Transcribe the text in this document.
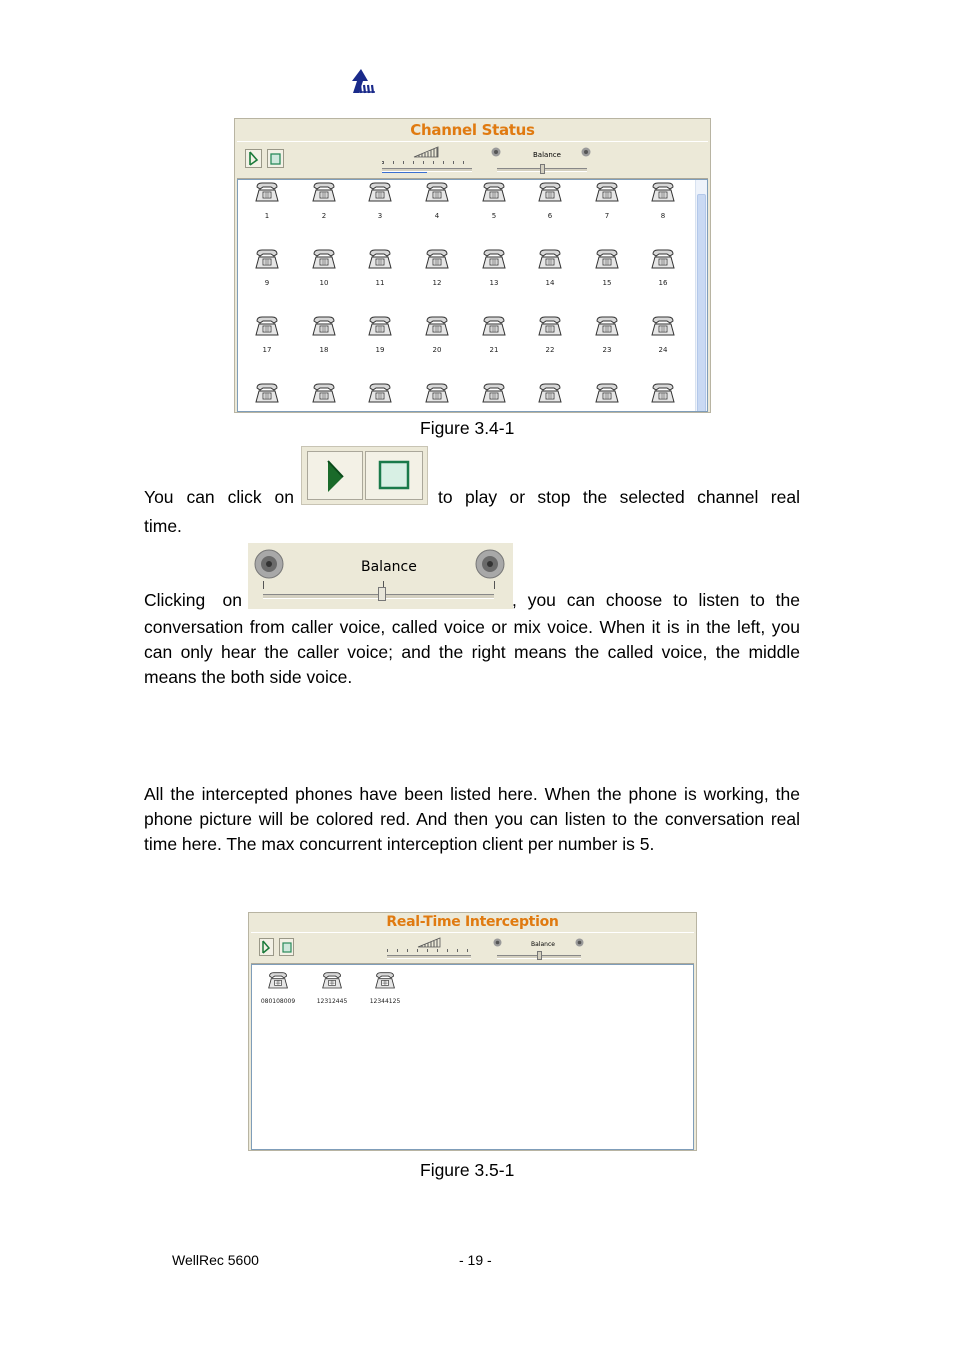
Channel Status
Balance
1	2	3	4	5	6	7	8
9	10	11	12	13	14	15	16
17	18	19	20	21	22	23	24
Figure 3.4-1
You can click on	to play or stop the selected channel real
time.
Balance
Clicking on	, you can choose to listen to the
conversation from caller voice, called voice or mix voice. When it is in the left, you can only hear the caller voice; and the right means the called voice, the middle means the both side voice.
All the intercepted phones have been listed here. When the phone is working, the phone picture will be colored red. And then you can listen to the conversation real time here. The max concurrent interception client per number is 5.
Real-Time Interception
Balance
080108009	12312445	12344125
Figure 3.5-1
WellRec 5600	- 19 -
